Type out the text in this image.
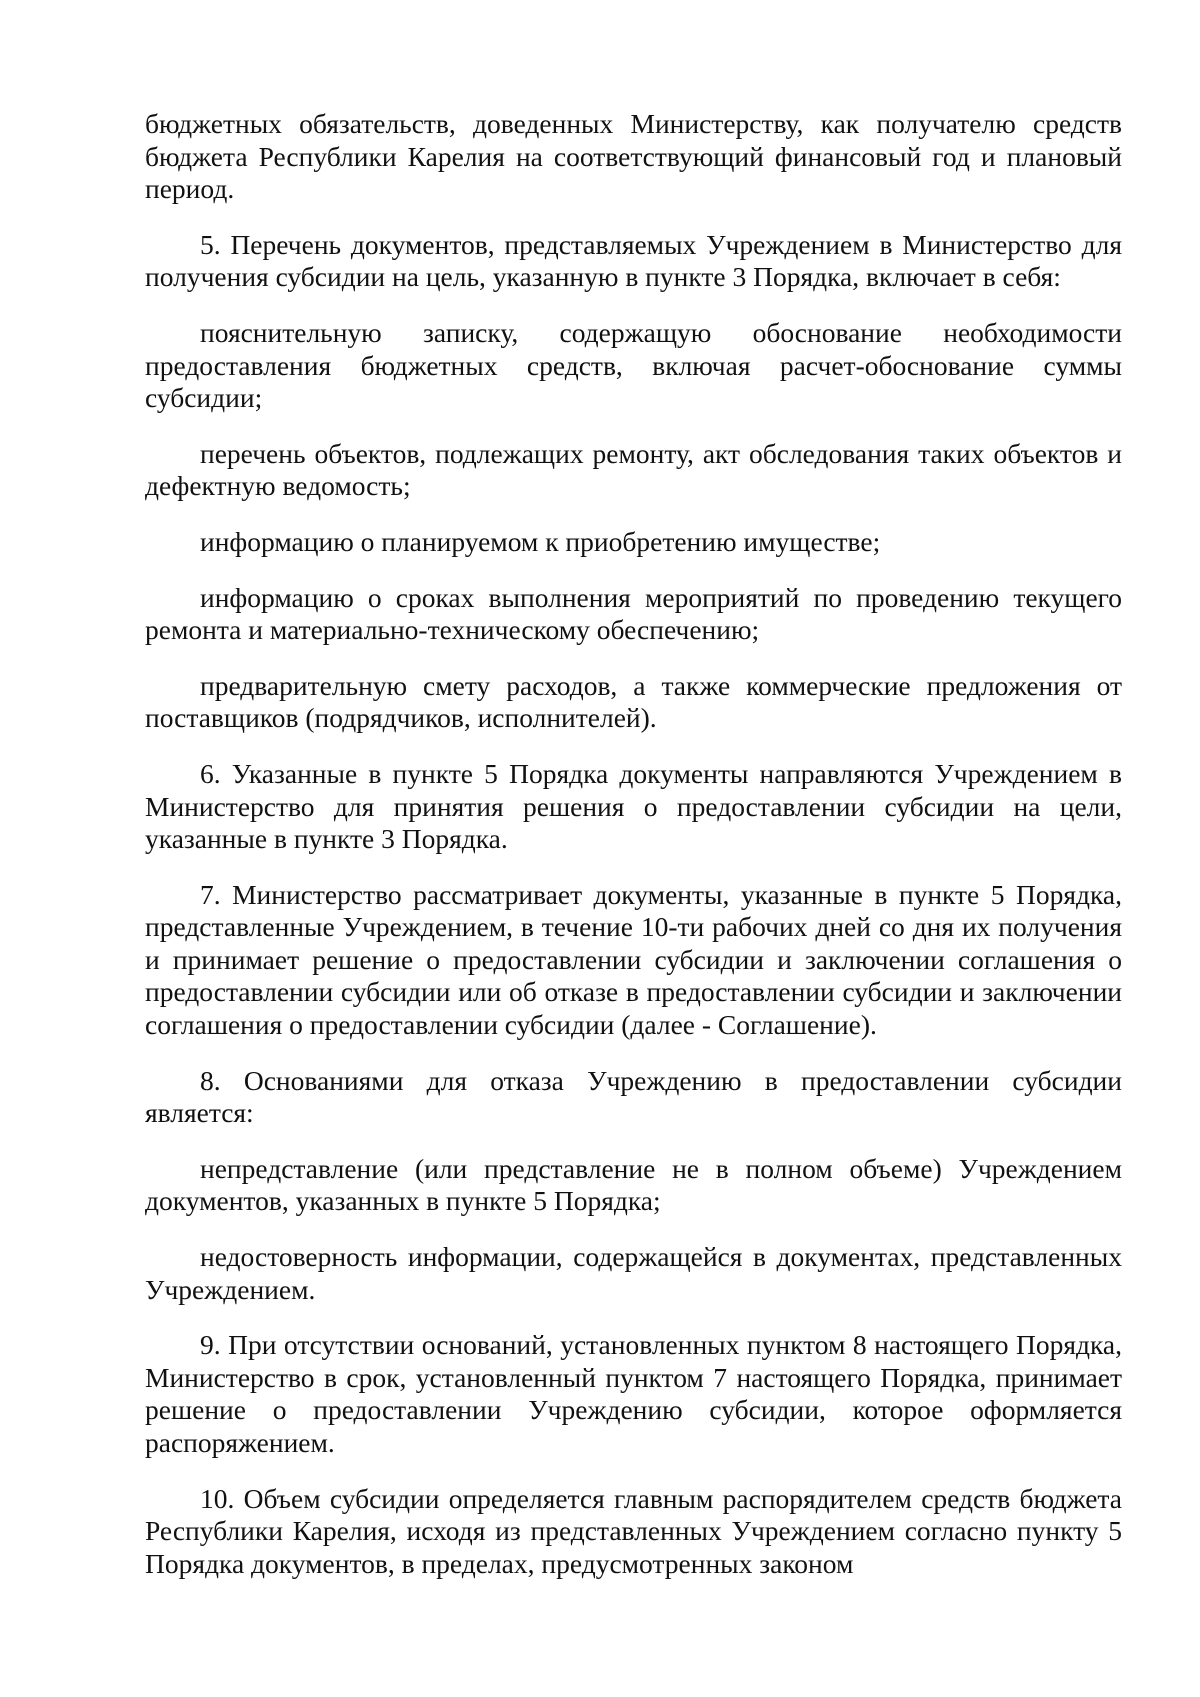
бюджетных обязательств, доведенных Министерству, как получателю средств бюджета Республики Карелия на соответствующий финансовый год и плановый период.

5. Перечень документов, представляемых Учреждением в Министерство для получения субсидии на цель, указанную в пункте 3 Порядка, включает в себя:

пояснительную записку, содержащую обоснование необходимости предоставления бюджетных средств, включая расчет-обоснование суммы субсидии;

перечень объектов, подлежащих ремонту, акт обследования таких объектов и дефектную ведомость;

информацию о планируемом к приобретению имуществе;

информацию о сроках выполнения мероприятий по проведению текущего ремонта и материально-техническому обеспечению;

предварительную смету расходов, а также коммерческие предложения от поставщиков (подрядчиков, исполнителей).

6. Указанные в пункте 5 Порядка документы направляются Учреждением в Министерство для принятия решения о предоставлении субсидии на цели, указанные в пункте 3 Порядка.

7. Министерство рассматривает документы, указанные в пункте 5 Порядка, представленные Учреждением, в течение 10-ти рабочих дней со дня их получения и принимает решение о предоставлении субсидии и заключении соглашения о предоставлении субсидии или об отказе в предоставлении субсидии и заключении соглашения о предоставлении субсидии (далее - Соглашение).

8. Основаниями для отказа Учреждению в предоставлении субсидии является:

непредставление (или представление не в полном объеме) Учреждением документов, указанных в пункте 5 Порядка;

недостоверность информации, содержащейся в документах, представленных Учреждением.

9. При отсутствии оснований, установленных пунктом 8 настоящего Порядка, Министерство в срок, установленный пунктом 7 настоящего Порядка, принимает решение о предоставлении Учреждению субсидии, которое оформляется распоряжением.

10. Объем субсидии определяется главным распорядителем средств бюджета Республики Карелия, исходя из представленных Учреждением согласно пункту 5 Порядка документов, в пределах, предусмотренных законом
